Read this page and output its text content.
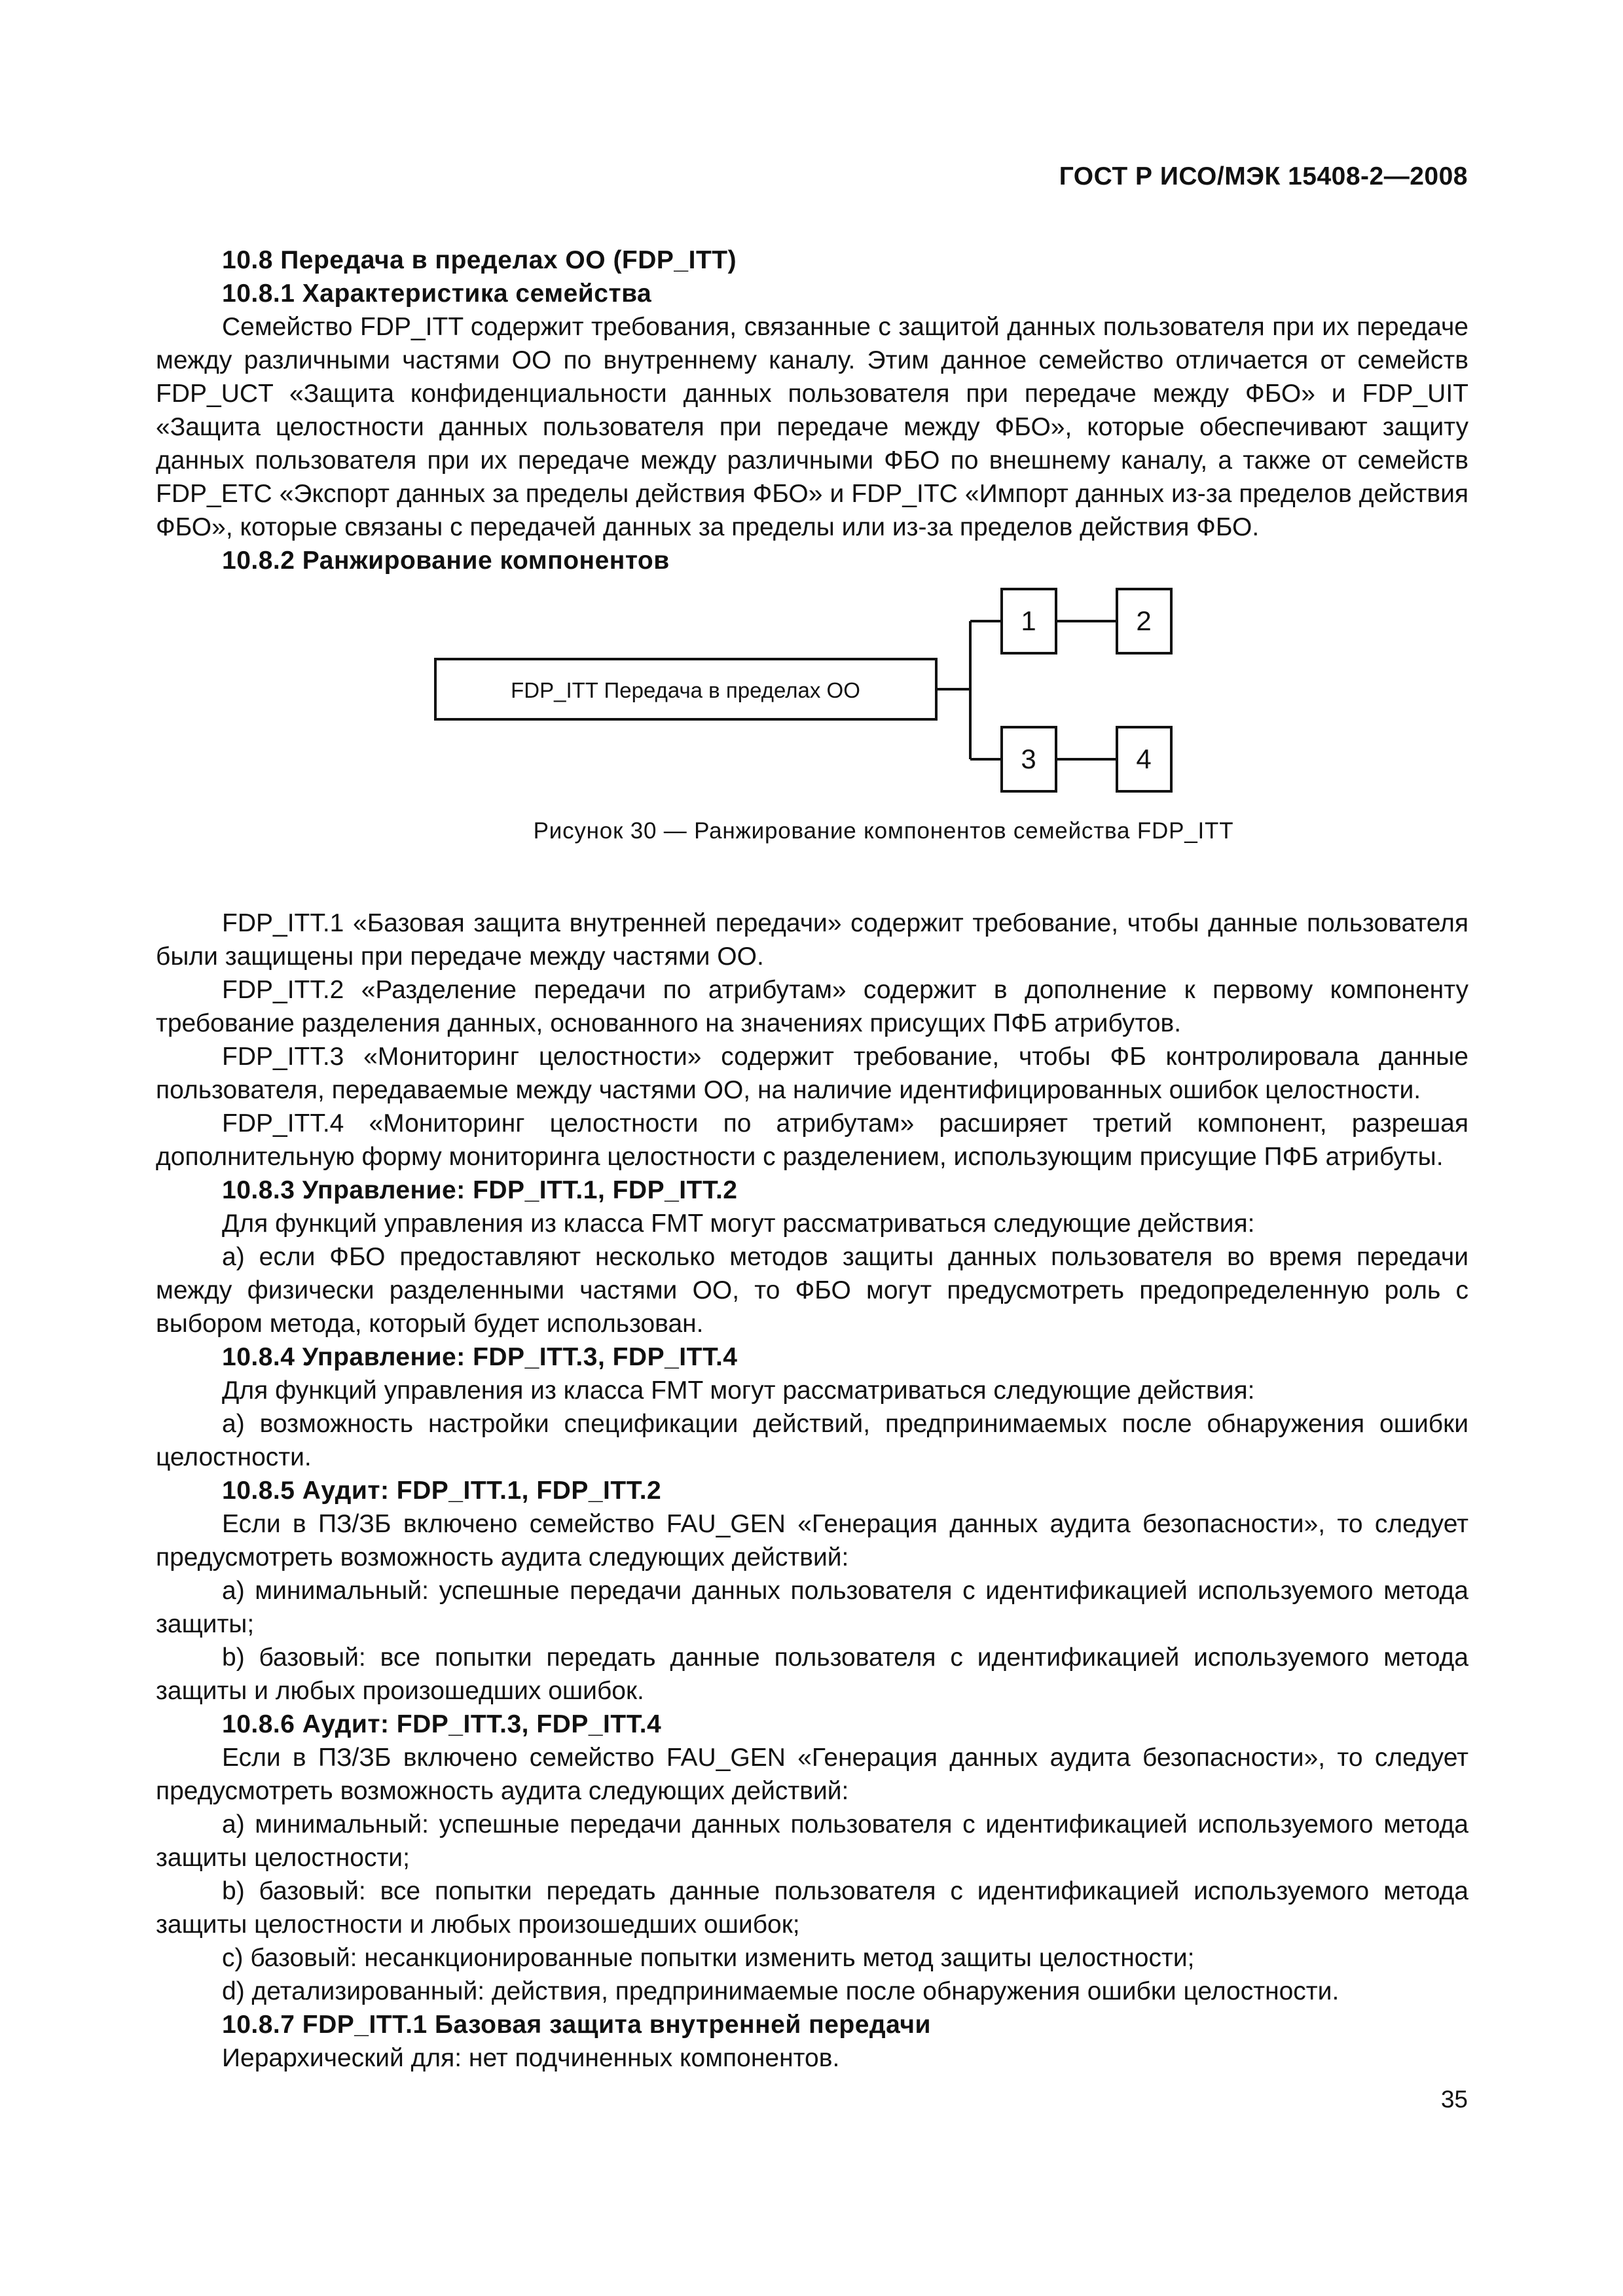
ГОСТ Р ИСО/МЭК 15408-2—2008

10.8 Передача в пределах ОО (FDP_ITT)

10.8.1 Характеристика семейства

Семейство FDP_ITT содержит требования, связанные с защитой данных пользователя при их передаче между различными частями ОО по внутреннему каналу. Этим данное семейство отличается от семейств FDP_UCT «Защита конфиденциальности данных пользователя при передаче между ФБО» и FDP_UIT «Защита целостности данных пользователя при передаче между ФБО», которые обеспечивают защиту данных пользователя при их передаче между различными ФБО по внешнему каналу, а также от семейств FDP_ETC «Экспорт данных за пределы действия ФБО» и FDP_ITC «Импорт данных из-за пределов действия ФБО», которые связаны с передачей данных за пределы или из-за пределов действия ФБО.

10.8.2 Ранжирование компонентов

FDP_ITT Передача в пределах ОО
1	2
3	4
Рисунок 30 — Ранжирование компонентов семейства FDP_ITT

FDP_ITT.1 «Базовая защита внутренней передачи» содержит требование, чтобы данные пользователя были защищены при передаче между частями ОО.

FDP_ITT.2 «Разделение передачи по атрибутам» содержит в дополнение к первому компоненту требование разделения данных, основанного на значениях присущих ПФБ атрибутов.

FDP_ITT.3 «Мониторинг целостности» содержит требование, чтобы ФБ контролировала данные пользователя, передаваемые между частями ОО, на наличие идентифицированных ошибок целостности.

FDP_ITT.4 «Мониторинг целостности по атрибутам» расширяет третий компонент, разрешая дополнительную форму мониторинга целостности с разделением, использующим присущие ПФБ атрибуты.

10.8.3 Управление: FDP_ITT.1, FDP_ITT.2

Для функций управления из класса FMT могут рассматриваться следующие действия:

a) если ФБО предоставляют несколько методов защиты данных пользователя во время передачи между физически разделенными частями ОО, то ФБО могут предусмотреть предопределенную роль с выбором метода, который будет использован.

10.8.4 Управление: FDP_ITT.3, FDP_ITT.4

Для функций управления из класса FMT могут рассматриваться следующие действия:

a) возможность настройки спецификации действий, предпринимаемых после обнаружения ошибки целостности.

10.8.5 Аудит: FDP_ITT.1, FDP_ITT.2

Если в ПЗ/ЗБ включено семейство FAU_GEN «Генерация данных аудита безопасности», то следует предусмотреть возможность аудита следующих действий:

a) минимальный: успешные передачи данных пользователя с идентификацией используемого метода защиты;

b) базовый: все попытки передать данные пользователя с идентификацией используемого метода защиты и любых произошедших ошибок.

10.8.6 Аудит: FDP_ITT.3, FDP_ITT.4

Если в ПЗ/ЗБ включено семейство FAU_GEN «Генерация данных аудита безопасности», то следует предусмотреть возможность аудита следующих действий:

a) минимальный: успешные передачи данных пользователя с идентификацией используемого метода защиты целостности;

b) базовый: все попытки передать данные пользователя с идентификацией используемого метода защиты целостности и любых произошедших ошибок;

c) базовый: несанкционированные попытки изменить метод защиты целостности;

d) детализированный: действия, предпринимаемые после обнаружения ошибки целостности.

10.8.7 FDP_ITT.1 Базовая защита внутренней передачи

Иерархический для: нет подчиненных компонентов.

35
